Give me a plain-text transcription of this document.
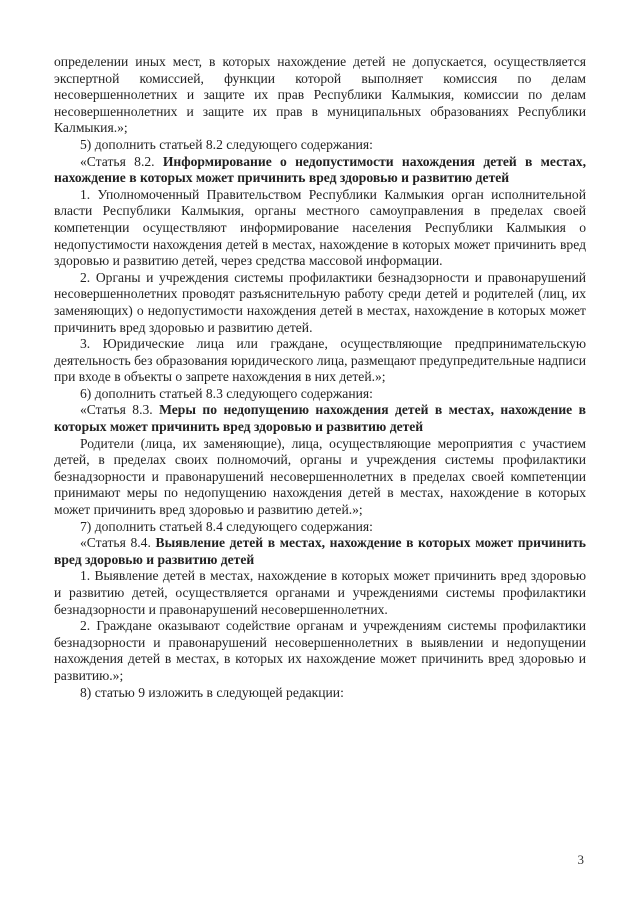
определении иных мест, в которых нахождение детей не допускается, осуществляется экспертной комиссией, функции которой выполняет комиссия по делам несовершеннолетних и защите их прав Республики Калмыкия, комиссии по делам несовершеннолетних и защите их прав в муниципальных образованиях Республики Калмыкия.»;

5) дополнить статьей 8.2 следующего содержания:

«Статья 8.2. Информирование о недопустимости нахождения детей в местах, нахождение в которых может причинить вред здоровью и развитию детей

1. Уполномоченный Правительством Республики Калмыкия орган исполнительной власти Республики Калмыкия, органы местного самоуправления в пределах своей компетенции осуществляют информирование населения Республики Калмыкия о недопустимости нахождения детей в местах, нахождение в которых может причинить вред здоровью и развитию детей, через средства массовой информации.

2. Органы и учреждения системы профилактики безнадзорности и правонарушений несовершеннолетних проводят разъяснительную работу среди детей и родителей (лиц, их заменяющих) о недопустимости нахождения детей в местах, нахождение в которых может причинить вред здоровью и развитию детей.

3. Юридические лица или граждане, осуществляющие предпринимательскую деятельность без образования юридического лица, размещают предупредительные надписи при входе в объекты о запрете нахождения в них детей.»;

6) дополнить статьей 8.3 следующего содержания:

«Статья 8.3. Меры по недопущению нахождения детей в местах, нахождение в которых может причинить вред здоровью и развитию детей

Родители (лица, их заменяющие), лица, осуществляющие мероприятия с участием детей, в пределах своих полномочий, органы и учреждения системы профилактики безнадзорности и правонарушений несовершеннолетних в пределах своей компетенции принимают меры по недопущению нахождения детей в местах, нахождение в которых может причинить вред здоровью и развитию детей.»;

7) дополнить статьей 8.4 следующего содержания:

«Статья 8.4. Выявление детей в местах, нахождение в которых может причинить вред здоровью и развитию детей

1. Выявление детей в местах, нахождение в которых может причинить вред здоровью и развитию детей, осуществляется органами и учреждениями системы профилактики безнадзорности и правонарушений несовершеннолетних.

2. Граждане оказывают содействие органам и учреждениям системы профилактики безнадзорности и правонарушений несовершеннолетних в выявлении и недопущении нахождения детей в местах, в которых их нахождение может причинить вред здоровью и развитию.»;

8) статью 9 изложить в следующей редакции:

3
